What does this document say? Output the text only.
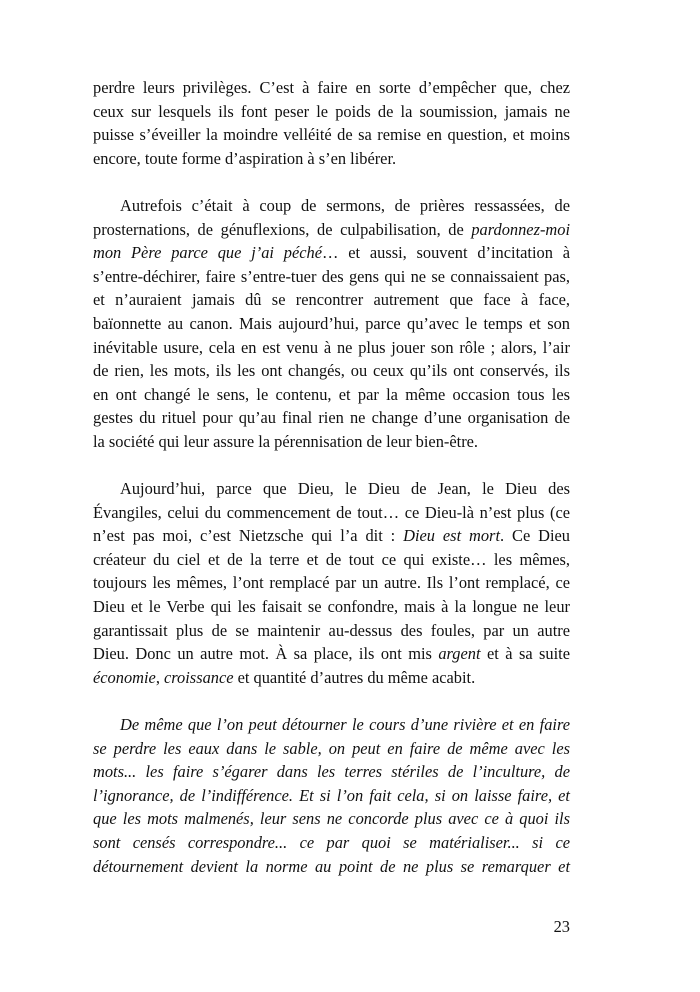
perdre leurs privilèges. C’est à faire en sorte d’empêcher que, chez
ceux sur lesquels ils font peser le poids de la soumission, jamais ne
puisse s’éveiller la moindre velléité de sa remise en question, et moins
encore, toute forme d’aspiration à s’en libérer.
Autrefois c’était à coup de sermons, de prières ressassées, de
prosternations, de génuflexions, de culpabilisation, de pardonnez-moi
mon Père parce que j’ai péché… et aussi, souvent d’incitation à
s’entre-déchirer, faire s’entre-tuer des gens qui ne se connaissaient pas,
et n’auraient jamais dû se rencontrer autrement que face à face,
baïonnette au canon. Mais aujourd’hui, parce qu’avec le temps et son
inévitable usure, cela en est venu à ne plus jouer son rôle ; alors, l’air
de rien, les mots, ils les ont changés, ou ceux qu’ils ont conservés, ils
en ont changé le sens, le contenu, et par la même occasion tous les
gestes du rituel pour qu’au final rien ne change d’une organisation de
la société qui leur assure la pérennisation de leur bien-être.
Aujourd’hui, parce que Dieu, le Dieu de Jean, le Dieu des
Évangiles, celui du commencement de tout… ce Dieu-là n’est plus (ce
n’est pas moi, c’est Nietzsche qui l’a dit : Dieu est mort. Ce Dieu
créateur du ciel et de la terre et de tout ce qui existe… les mêmes,
toujours les mêmes, l’ont remplacé par un autre. Ils l’ont remplacé, ce
Dieu et le Verbe qui les faisait se confondre, mais à la longue ne leur
garantissait plus de se maintenir au-dessus des foules, par un autre
Dieu. Donc un autre mot. À sa place, ils ont mis argent et à sa suite
économie, croissance et quantité d’autres du même acabit.
De même que l’on peut détourner le cours d’une rivière et en faire
se perdre les eaux dans le sable, on peut en faire de même avec les
mots... les faire s’égarer dans les terres stériles de l’inculture, de
l’ignorance, de l’indifférence. Et si l’on fait cela, si on laisse faire, et
que les mots malmenés, leur sens ne concorde plus avec ce à quoi ils
sont censés correspondre... ce par quoi se matérialiser... si ce
détournement devient la norme au point de ne plus se remarquer et
23
